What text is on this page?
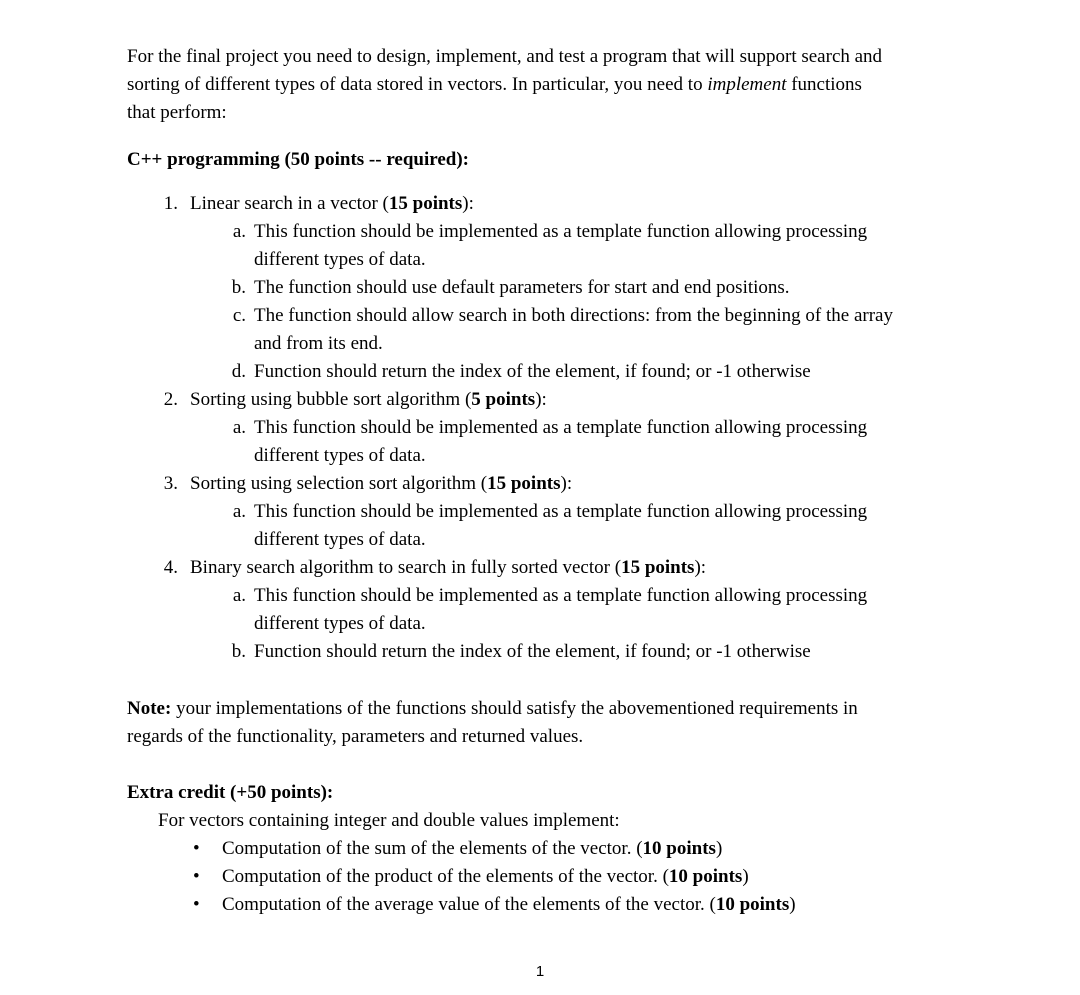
For the final project you need to design, implement, and test a program that will support search and
sorting of different types of data stored in vectors. In particular, you need to implement functions
that perform:
C++ programming (50 points -- required):
1. Linear search in a vector (15 points):
a. This function should be implemented as a template function allowing processing
different types of data.
b. The function should use default parameters for start and end positions.
c. The function should allow search in both directions: from the beginning of the array
and from its end.
d. Function should return the index of the element, if found; or -1 otherwise
2. Sorting using bubble sort algorithm (5 points):
a. This function should be implemented as a template function allowing processing
different types of data.
3. Sorting using selection sort algorithm (15 points):
a. This function should be implemented as a template function allowing processing
different types of data.
4. Binary search algorithm to search in fully sorted vector (15 points):
a. This function should be implemented as a template function allowing processing
different types of data.
b. Function should return the index of the element, if found; or -1 otherwise
Note: your implementations of the functions should satisfy the abovementioned requirements in
regards of the functionality, parameters and returned values.
Extra credit (+50 points):
For vectors containing integer and double values implement:
• Computation of the sum of the elements of the vector. (10 points)
• Computation of the product of the elements of the vector. (10 points)
• Computation of the average value of the elements of the vector. (10 points)
1
